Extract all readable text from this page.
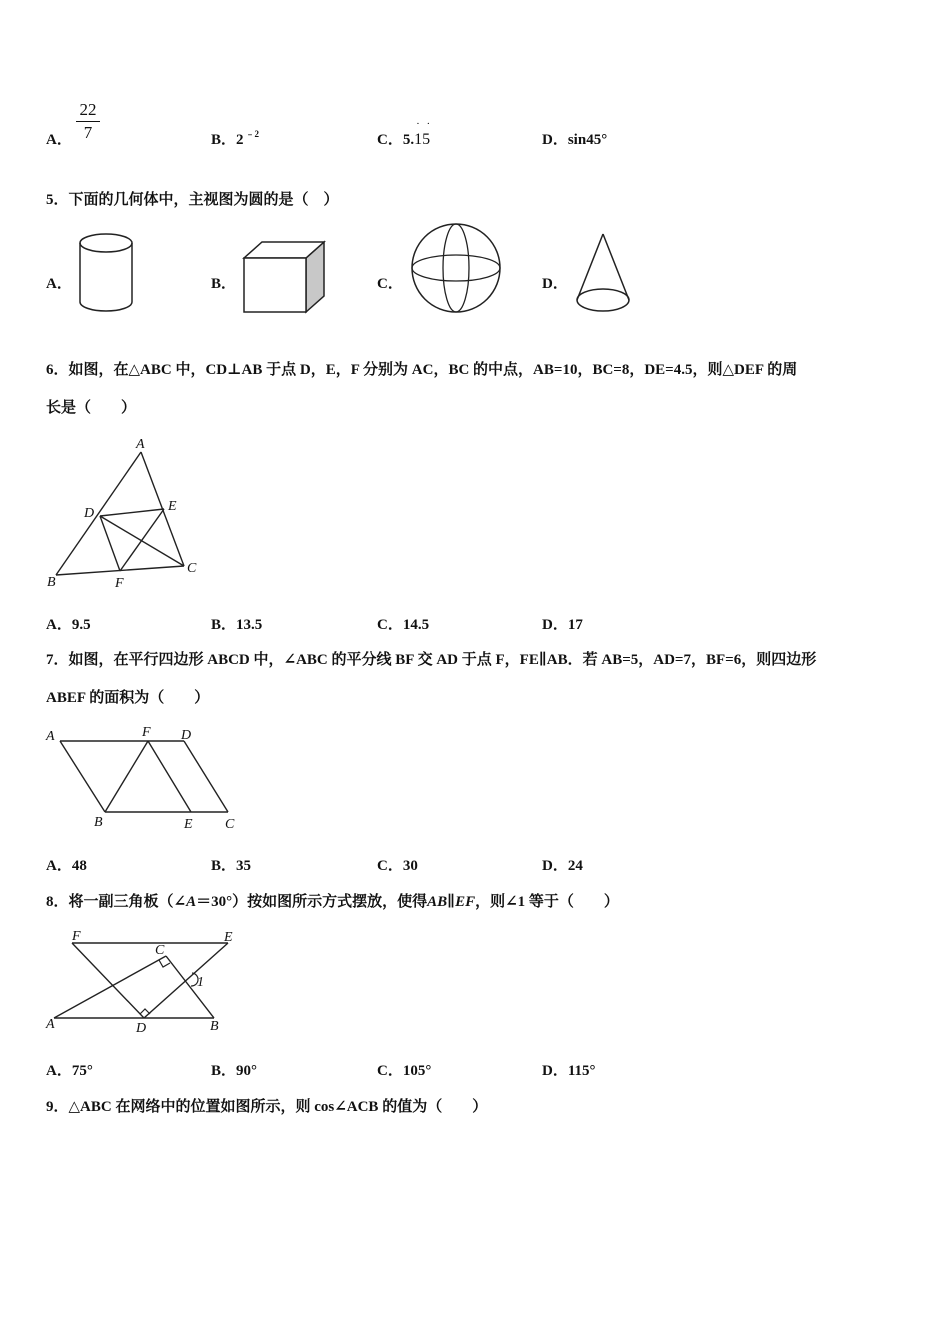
A．
22
7	B．2 $^{﹣2}$	C．5.
· ·
15	D．sin45°
5．下面的几何体中，主视图为圆的是（　）
A．	B．	C．	D．
6．如图，在△ABC 中，CD⊥AB 于点 D，E，F 分别为 AC，BC 的中点，AB=10，BC=8，DE=4.5，则△DEF 的周
长是（　　）
A
B
C
D	E
F
A．9.5	B．13.5	C．14.5	D．17
7．如图，在平行四边形 ABCD 中，∠ABC 的平分线 BF 交 AD 于点 F，FE∥AB．若 AB=5，AD=7，BF=6，则四边形
ABEF 的面积为（　　）
A	F D
B	E C
A．48	B．35	C．30	D．24
8．将一副三角板（∠A＝30°）按如图所示方式摆放，使得AB∥EF，则∠1 等于（　　）
F	E
C
1
A	D	B
A．75°	B．90°	C．105°	D．115°
9．△ABC 在网络中的位置如图所示，则 cos∠ACB 的值为（　　）
